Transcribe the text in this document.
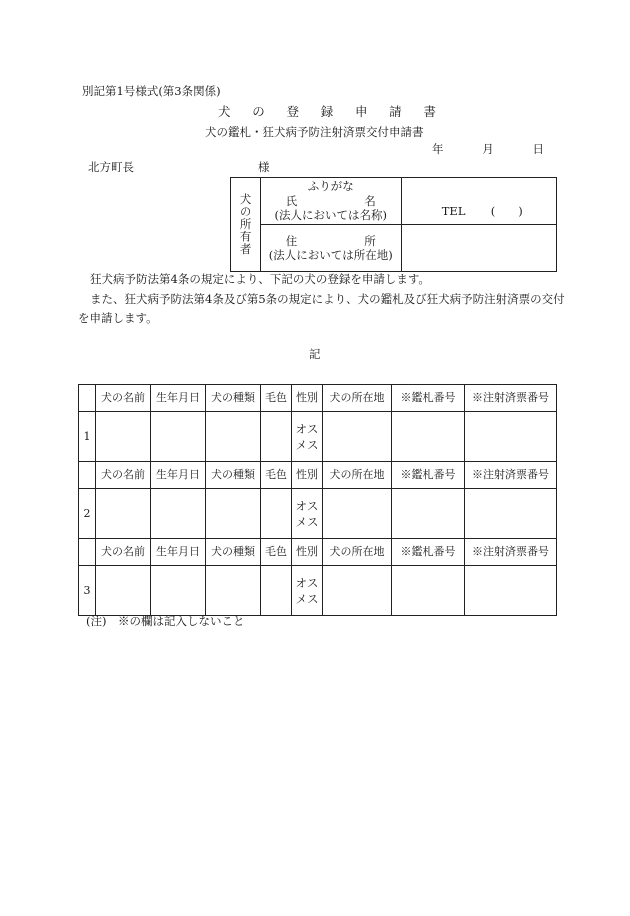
別記第1号様式(第3条関係)
犬 の 登 録 申 請 書
犬の鑑札・狂犬病予防注射済票交付申請書
年	月	日
北方町長	様
犬の所有者	ふりがな
氏 名
(法人においては名称)	TEL (　　)

	住 所
(法人においては所在地)	

狂犬病予防法第4条の規定により、下記の犬の登録を申請します。
また、狂犬病予防法第4条及び第5条の規定により、犬の鑑札及び狂犬病予防注射済票の交付を申請します。
記
	犬の名前	生年月日	犬の種類	毛色	性別	犬の所在地	※鑑札番号	※注射済票番号
1					オス
メス			

	犬の名前	生年月日	犬の種類	毛色	性別	犬の所在地	※鑑札番号	※注射済票番号
2					オス
メス			

	犬の名前	生年月日	犬の種類	毛色	性別	犬の所在地	※鑑札番号	※注射済票番号
3					オス
メス			

(注)　※の欄は記入しないこと
